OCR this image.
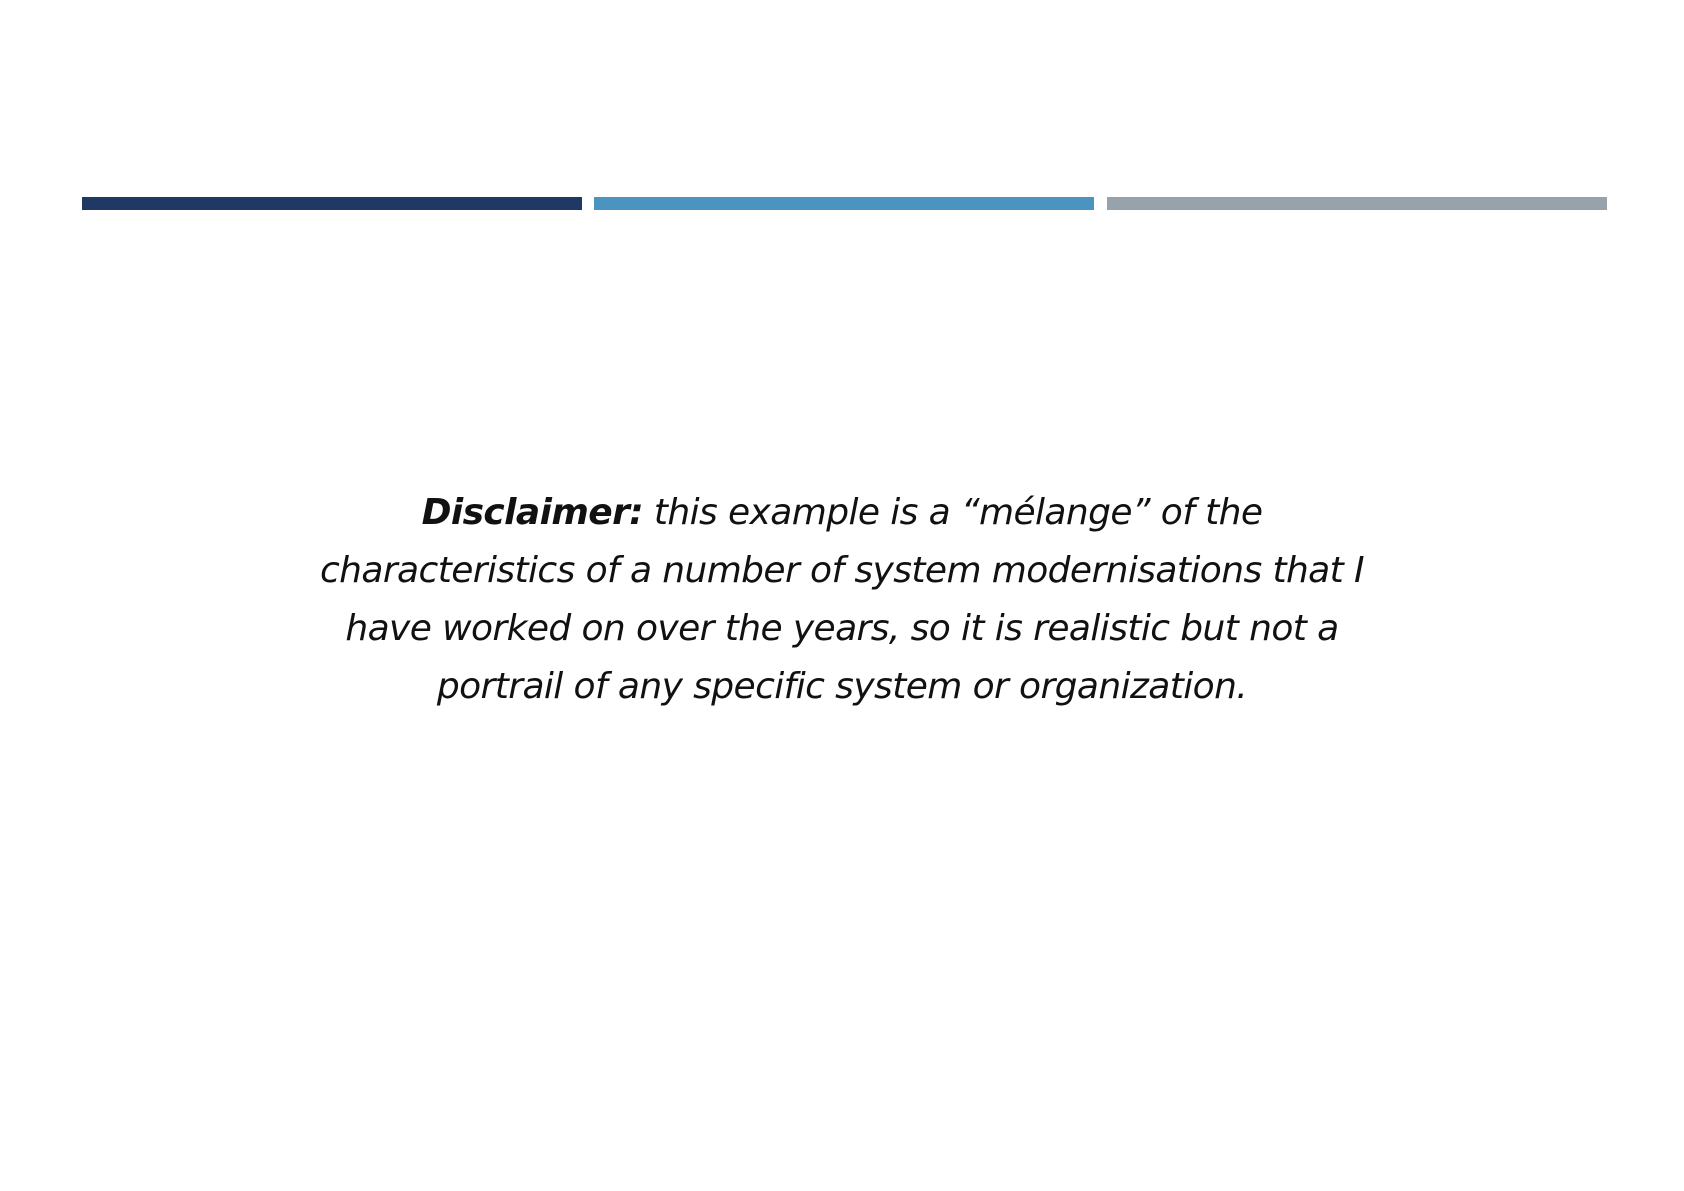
Disclaimer: this example is a “mélange” of the characteristics of a number of system modernisations that I have worked on over the years, so it is realistic but not a portrail of any specific system or organization.
